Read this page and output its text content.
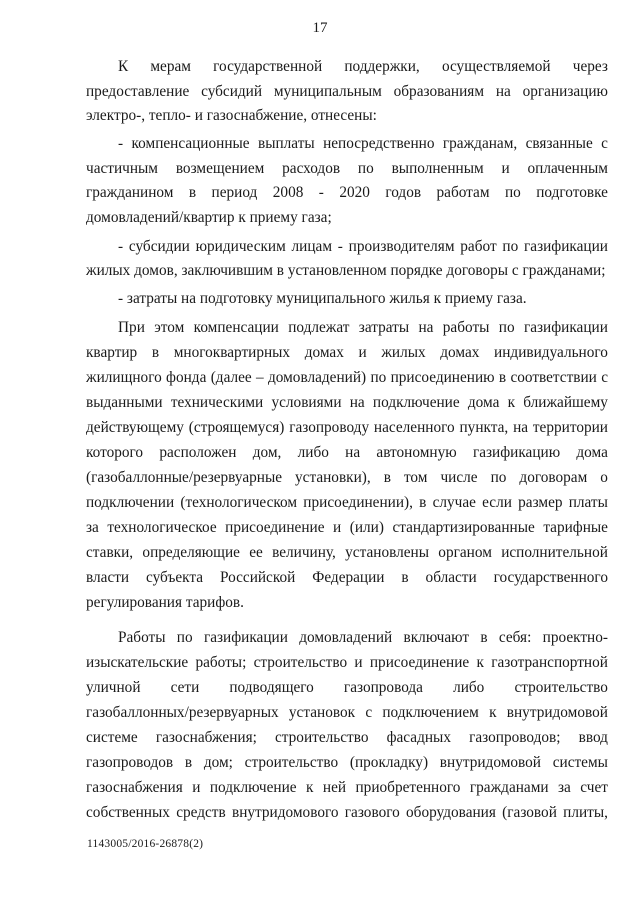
17
К мерам государственной поддержки, осуществляемой через
предоставление субсидий муниципальным образованиям на организацию
электро-, тепло- и газоснабжение, отнесены:
- компенсационные выплаты непосредственно гражданам, связанные с
частичным возмещением расходов по выполненным и оплаченным
гражданином в период 2008 - 2020 годов работам по подготовке
домовладений/квартир к приему газа;
- субсидии юридическим лицам - производителям работ по газификации
жилых домов, заключившим в установленном порядке договоры с гражданами;
- затраты на подготовку муниципального жилья к приему газа.
При этом компенсации подлежат затраты на работы по газификации
квартир в многоквартирных домах и жилых домах индивидуального
жилищного фонда (далее – домовладений) по присоединению в соответствии с
выданными техническими условиями на подключение дома к ближайшему
действующему (строящемуся) газопроводу населенного пункта, на территории
которого расположен дом, либо на автономную газификацию дома
(газобаллонные/резервуарные установки), в том числе по договорам о
подключении (технологическом присоединении), в случае если размер платы
за технологическое присоединение и (или) стандартизированные тарифные
ставки, определяющие ее величину, установлены органом исполнительной
власти субъекта Российской Федерации в области государственного
регулирования тарифов.
Работы по газификации домовладений включают в себя: проектно-
изыскательские работы; строительство и присоединение к газотранспортной
уличной сети подводящего газопровода либо строительство
газобаллонных/резервуарных установок с подключением к внутридомовой
системе газоснабжения; строительство фасадных газопроводов; ввод
газопроводов в дом; строительство (прокладку) внутридомовой системы
газоснабжения и подключение к ней приобретенного гражданами за счет
собственных средств внутридомового газового оборудования (газовой плиты,
1143005/2016-26878(2)
